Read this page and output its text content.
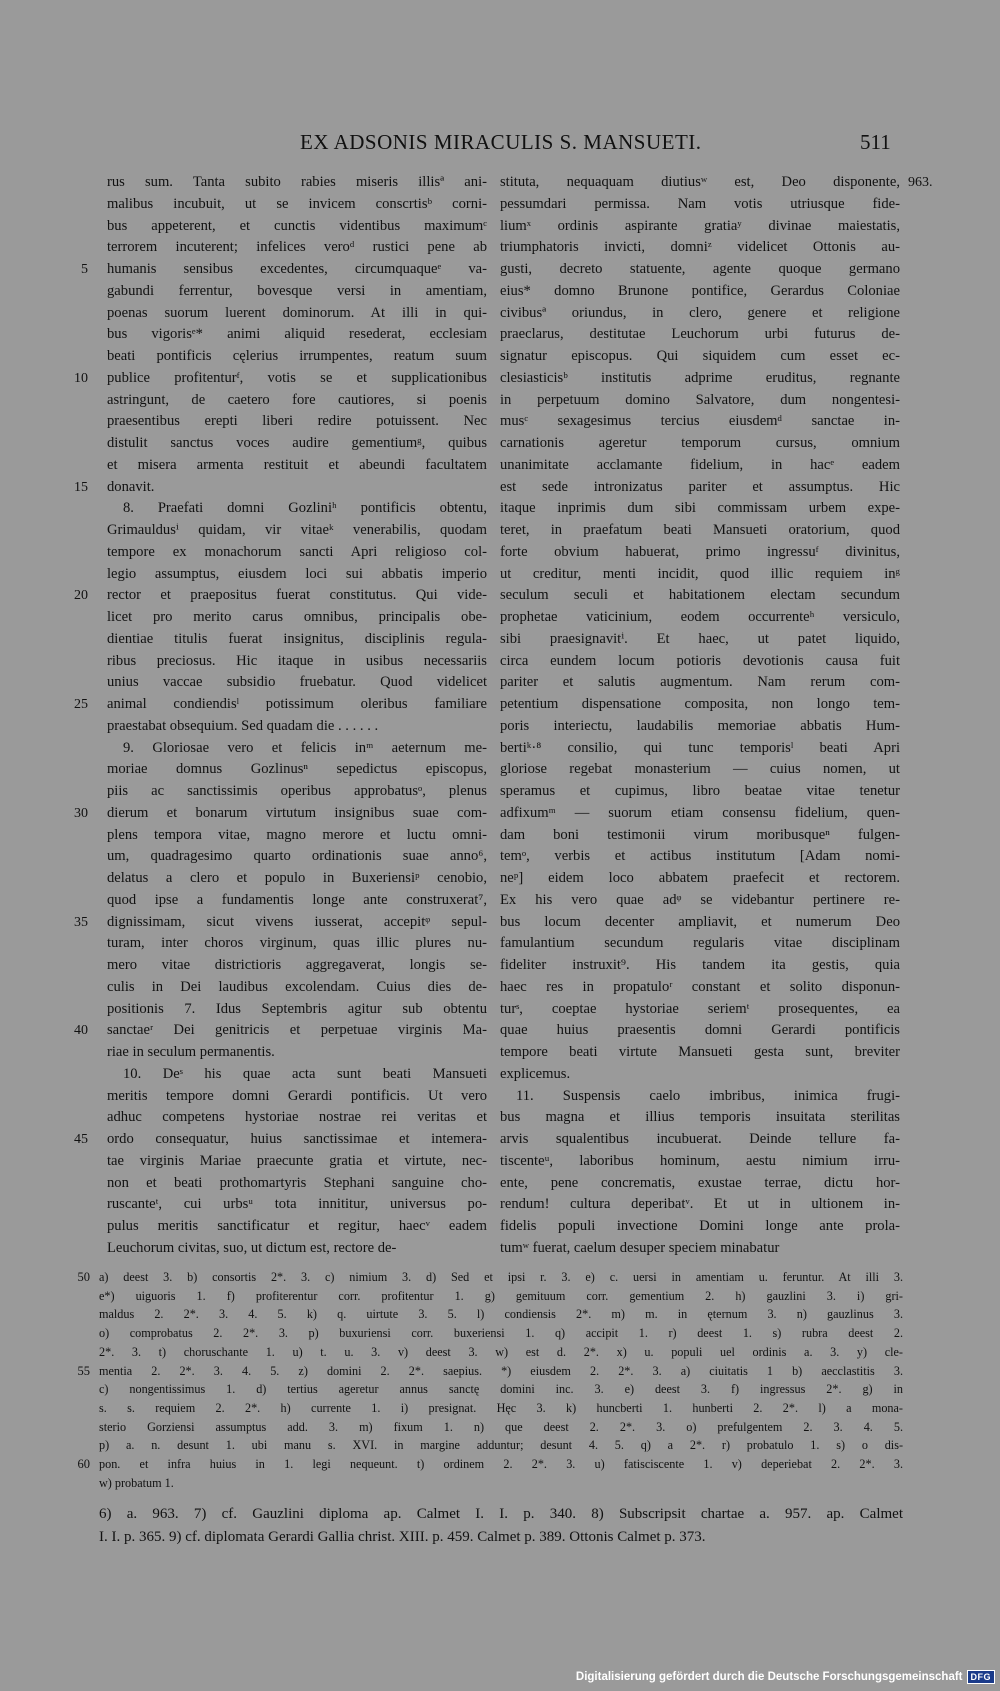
EX ADSONIS MIRACULIS S. MANSUETI.	511
5
10
15
20
25
30
35
40
45

rus sum. Tanta subito rabies miseris illisª ani-

malibus incubuit, ut se invicem conscrtisᵇ corni-

bus appeterent, et cunctis videntibus maximumᶜ

terrorem incuterent; infelices veroᵈ rustici pene ab

humanis sensibus excedentes, circumquaqueᵉ va-

gabundi ferrentur, bovesque versi in amentiam,

poenas suorum luerent dominorum. At illi in qui-

bus vigorisᵉ* animi aliquid resederat, ecclesiam

beati pontificis cęlerius irrumpentes, reatum suum

publice profitenturᶠ, votis se et supplicationibus

astringunt, de caetero fore cautiores, si poenis

praesentibus erepti liberi redire potuissent. Nec

distulit sanctus voces audire gementiumᵍ, quibus

et misera armenta restituit et abeundi facultatem

donavit.

8. Praefati domni Gozliniʰ pontificis obtentu,

Grimauldusⁱ quidam, vir vitaeᵏ venerabilis, quodam

tempore ex monachorum sancti Apri religioso col-

legio assumptus, eiusdem loci sui abbatis imperio

rector et praepositus fuerat constitutus. Qui vide-

licet pro merito carus omnibus, principalis obe-

dientiae titulis fuerat insignitus, disciplinis regula-

ribus preciosus. Hic itaque in usibus necessariis

unius vaccae subsidio fruebatur. Quod videlicet

animal condiendisˡ potissimum oleribus familiare

praestabat obsequium. Sed quadam die . . . . . .

9. Gloriosae vero et felicis inᵐ aeternum me-

moriae domnus Gozlinusⁿ sepedictus episcopus,

piis ac sanctissimis operibus approbatusᵒ, plenus

dierum et bonarum virtutum insignibus suae com-

plens tempora vitae, magno merore et luctu omni-

um, quadragesimo quarto ordinationis suae anno⁶,

delatus a clero et populo in Buxeriensiᵖ cenobio,

quod ipse a fundamentis longe ante construxerat⁷,

dignissimam, sicut vivens iusserat, accepitᵠ sepul-

turam, inter choros virginum, quas illic plures nu-

mero vitae districtioris aggregaverat, longis se-

culis in Dei laudibus excolendam. Cuius dies de-

positionis 7. Idus Septembris agitur sub obtentu

sanctaeʳ Dei genitricis et perpetuae virginis Ma-

riae in seculum permanentis.

10. Deˢ his quae acta sunt beati Mansueti

meritis tempore domni Gerardi pontificis. Ut vero

adhuc competens hystoriae nostrae rei veritas et

ordo consequatur, huius sanctissimae et intemera-

tae virginis Mariae praecunte gratia et virtute, nec-

non et beati prothomartyris Stephani sanguine cho-

ruscanteᵗ, cui urbsᵘ tota innititur, universus po-

pulus meritis sanctificatur et regitur, haecᵛ eadem

Leuchorum civitas, suo, ut dictum est, rectore de-

stituta, nequaquam diutiusʷ est, Deo disponente,

pessumdari permissa. Nam votis utriusque fide-

liumˣ ordinis aspirante gratiaʸ divinae maiestatis,

triumphatoris invicti, domniᶻ videlicet Ottonis au-

gusti, decreto statuente, agente quoque germano

eius* domno Brunone pontifice, Gerardus Coloniae

civibusª oriundus, in clero, genere et religione

praeclarus, destitutae Leuchorum urbi futurus de-

signatur episcopus. Qui siquidem cum esset ec-

clesiasticisᵇ institutis adprime eruditus, regnante

in perpetuum domino Salvatore, dum nongentesi-

musᶜ sexagesimus tercius eiusdemᵈ sanctae in-

carnationis ageretur temporum cursus, omnium

unanimitate acclamante fidelium, in hacᵉ eadem

est sede intronizatus pariter et assumptus. Hic

itaque inprimis dum sibi commissam urbem expe-

teret, in praefatum beati Mansueti oratorium, quod

forte obvium habuerat, primo ingressuᶠ divinitus,

ut creditur, menti incidit, quod illic requiem inᵍ

seculum seculi et habitationem electam secundum

prophetae vaticinium, eodem occurrenteʰ versiculo,

sibi praesignavitⁱ. Et haec, ut patet liquido,

circa eundem locum potioris devotionis causa fuit

pariter et salutis augmentum. Nam rerum com-

petentium dispensatione composita, non longo tem-

poris interiectu, laudabilis memoriae abbatis Hum-

bertiᵏ·⁸ consilio, qui tunc temporisˡ beati Apri

gloriose regebat monasterium — cuius nomen, ut

speramus et cupimus, libro beatae vitae tenetur

adfixumᵐ — suorum etiam consensu fidelium, quen-

dam boni testimonii virum moribusqueⁿ fulgen-

temᵒ, verbis et actibus institutum [Adam nomi-

neᵖ] eidem loco abbatem praefecit et rectorem.

Ex his vero quae adᵠ se videbantur pertinere re-

bus locum decenter ampliavit, et numerum Deo

famulantium secundum regularis vitae disciplinam

fideliter instruxit⁹. His tandem ita gestis, quia

haec res in propatuloʳ constant et solito disponun-

turˢ, coeptae hystoriae seriemᵗ prosequentes, ea

quae huius praesentis domni Gerardi pontificis

tempore beati virtute Mansueti gesta sunt, breviter

explicemus.

11. Suspensis caelo imbribus, inimica frugi-

bus magna et illius temporis insuitata sterilitas

arvis squalentibus incubuerat. Deinde tellure fa-

tiscenteᵘ, laboribus hominum, aestu nimium irru-

ente, pene concrematis, exustae terrae, dictu hor-

rendum! cultura deperibatᵛ. Et ut in ultionem in-

fidelis populi invectione Domini longe ante prola-

tumʷ fuerat, caelum desuper speciem minabatur

963.
50
55
60

a) deest 3. b) consortis 2*. 3. c) nimium 3. d) Sed et ipsi r. 3. e) c. uersi in amentiam u. feruntur. At illi 3.

e*) uiguoris 1. f) profiterentur corr. profitentur 1. g) gemituum corr. gementium 2. h) gauzlini 3. i) gri-

maldus 2. 2*. 3. 4. 5. k) q. uirtute 3. 5. l) condiensis 2*. m) m. in ęternum 3. n) gauzlinus 3.

o) comprobatus 2. 2*. 3. p) buxuriensi corr. buxeriensi 1. q) accipit 1. r) deest 1. s) rubra deest 2.

2*. 3. t) choruschante 1. u) t. u. 3. v) deest 3. w) est d. 2*. x) u. populi uel ordinis a. 3. y) cle-

mentia 2. 2*. 3. 4. 5. z) domini 2. 2*. saepius. *) eiusdem 2. 2*. 3. a) ciuitatis 1 b) aecclastitis 3.

c) nongentissimus 1. d) tertius ageretur annus sanctę domini inc. 3. e) deest 3. f) ingressus 2*. g) in

s. s. requiem 2. 2*. h) currente 1. i) presignat. Hęc 3. k) huncberti 1. hunberti 2. 2*. l) a mona-

sterio Gorziensi assumptus add. 3. m) fixum 1. n) que deest 2. 2*. 3. o) prefulgentem 2. 3. 4. 5.

p) a. n. desunt 1. ubi manu s. XVI. in margine adduntur; desunt 4. 5. q) a 2*. r) probatulo 1. s) o dis-

pon. et infra huius in 1. legi nequeunt. t) ordinem 2. 2*. 3. u) fatisciscente 1. v) deperiebat 2. 2*. 3.

w) probatum 1.

6) a. 963. 7) cf. Gauzlini diploma ap. Calmet I. I. p. 340. 8) Subscripsit chartae a. 957. ap. Calmet

I. I. p. 365. 9) cf. diplomata Gerardi Gallia christ. XIII. p. 459. Calmet p. 389. Ottonis Calmet p. 373.

Digitalisierung gefördert durch die Deutsche Forschungsgemeinschaft DFG
